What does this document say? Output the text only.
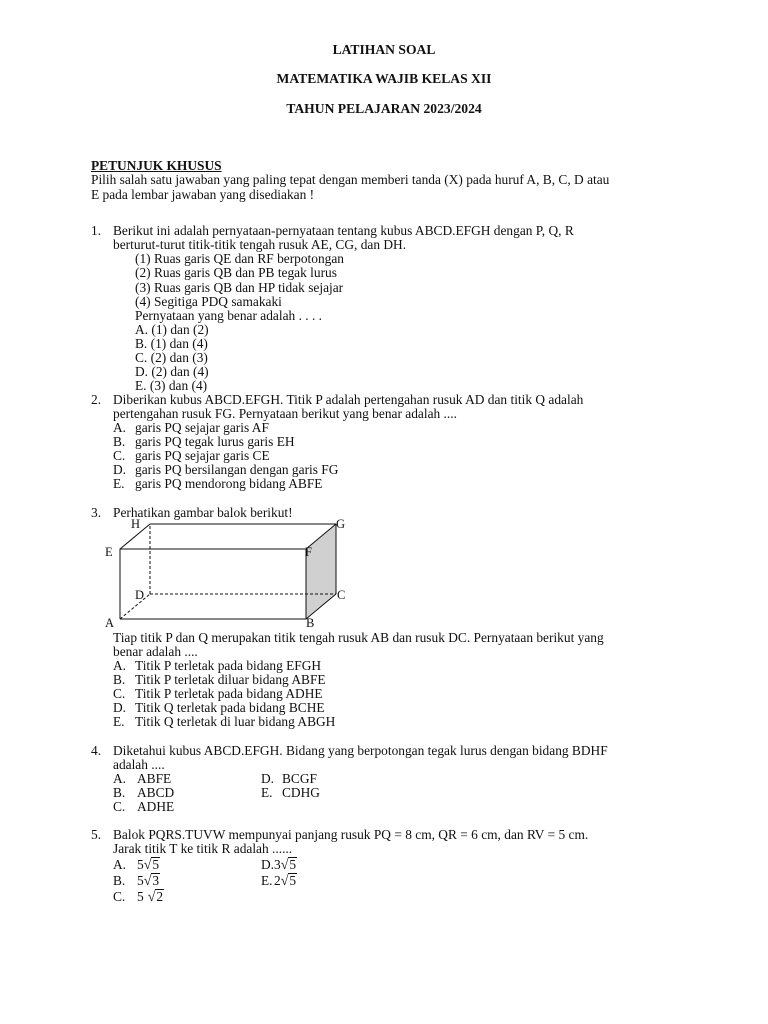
LATIHAN SOAL
MATEMATIKA WAJIB KELAS XII
TAHUN PELAJARAN 2023/2024
PETUNJUK KHUSUS
Pilih salah satu jawaban yang paling tepat dengan memberi tanda (X) pada huruf A, B, C, D atau
E pada lembar jawaban yang disediakan !
1. Berikut ini adalah pernyataan-pernyataan tentang kubus ABCD.EFGH dengan P, Q, R
berturut-turut titik-titik tengah rusuk AE, CG, dan DH.
(1) Ruas garis QE dan RF berpotongan
(2) Ruas garis QB dan PB tegak lurus
(3) Ruas garis QB dan HP tidak sejajar
(4) Segitiga PDQ samakaki
Pernyataan yang benar adalah . . . .
A. (1) dan (2)
B. (1) dan (4)
C. (2) dan (3)
D. (2) dan (4)
E. (3) dan (4)
2. Diberikan kubus ABCD.EFGH. Titik P adalah pertengahan rusuk AD dan titik Q adalah
pertengahan rusuk FG. Pernyataan berikut yang benar adalah ....
A. garis PQ sejajar garis AF
B. garis PQ tegak lurus garis EH
C. garis PQ sejajar garis CE
D. garis PQ bersilangan dengan garis FG
E. garis PQ mendorong bidang ABFE
3. Perhatikan gambar balok berikut!
H	G
E	F
D	C
A	B
Tiap titik P dan Q merupakan titik tengah rusuk AB dan rusuk DC. Pernyataan berikut yang
benar adalah ....
A. Titik P terletak pada bidang EFGH
B. Titik P terletak diluar bidang ABFE
C. Titik P terletak pada bidang ADHE
D. Titik Q terletak pada bidang BCHE
E. Titik Q terletak di luar bidang ABGH
4. Diketahui kubus ABCD.EFGH. Bidang yang berpotongan tegak lurus dengan bidang BDHF
adalah ....
A. ABFE	D. BCGF
B. ABCD	E. CDHG
C. ADHE
5. Balok PQRS.TUVW mempunyai panjang rusuk PQ = 8 cm, QR = 6 cm, dan RV = 5 cm.
Jarak titik T ke titik R adalah ......
A. 5√5	D. 3√5
B. 5√3	E. 2√5
C. 5 √2
